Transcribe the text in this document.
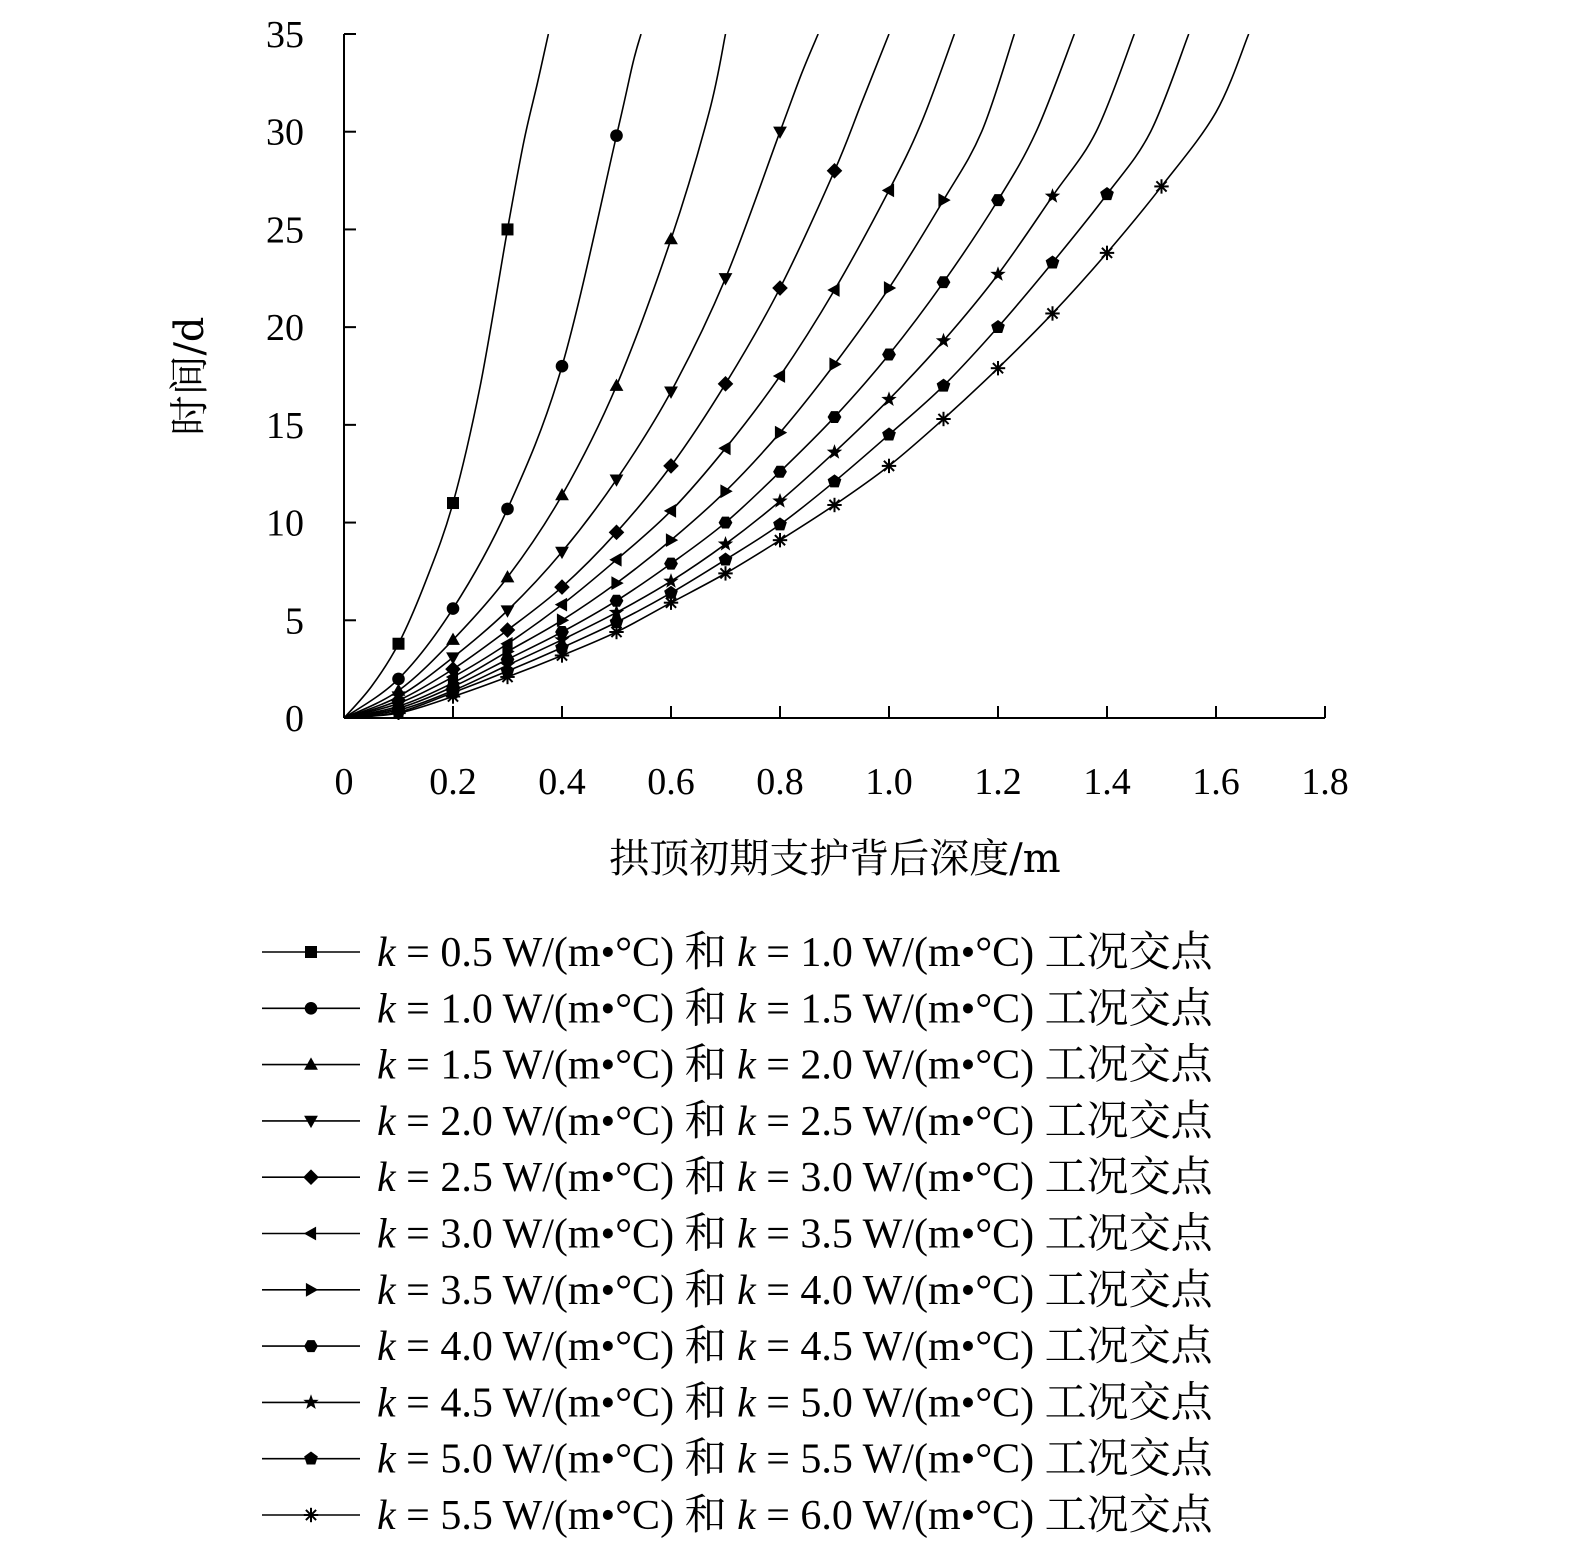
0 0.2 0.4 0.6 0.8 1.0 1.2 1.4 1.6 1.8
0
5
10
15
20
25
30
35
拱顶初期支护背后深度/m
时间/d
k = 0.5 W/(m•°C) 和 k = 1.0 W/(m•°C) 工况交点
k = 1.0 W/(m•°C) 和 k = 1.5 W/(m•°C) 工况交点
k = 1.5 W/(m•°C) 和 k = 2.0 W/(m•°C) 工况交点
k = 2.0 W/(m•°C) 和 k = 2.5 W/(m•°C) 工况交点
k = 2.5 W/(m•°C) 和 k = 3.0 W/(m•°C) 工况交点
k = 3.0 W/(m•°C) 和 k = 3.5 W/(m•°C) 工况交点
k = 3.5 W/(m•°C) 和 k = 4.0 W/(m•°C) 工况交点
k = 4.0 W/(m•°C) 和 k = 4.5 W/(m•°C) 工况交点
k = 4.5 W/(m•°C) 和 k = 5.0 W/(m•°C) 工况交点
k = 5.0 W/(m•°C) 和 k = 5.5 W/(m•°C) 工况交点
k = 5.5 W/(m•°C) 和 k = 6.0 W/(m•°C) 工况交点
